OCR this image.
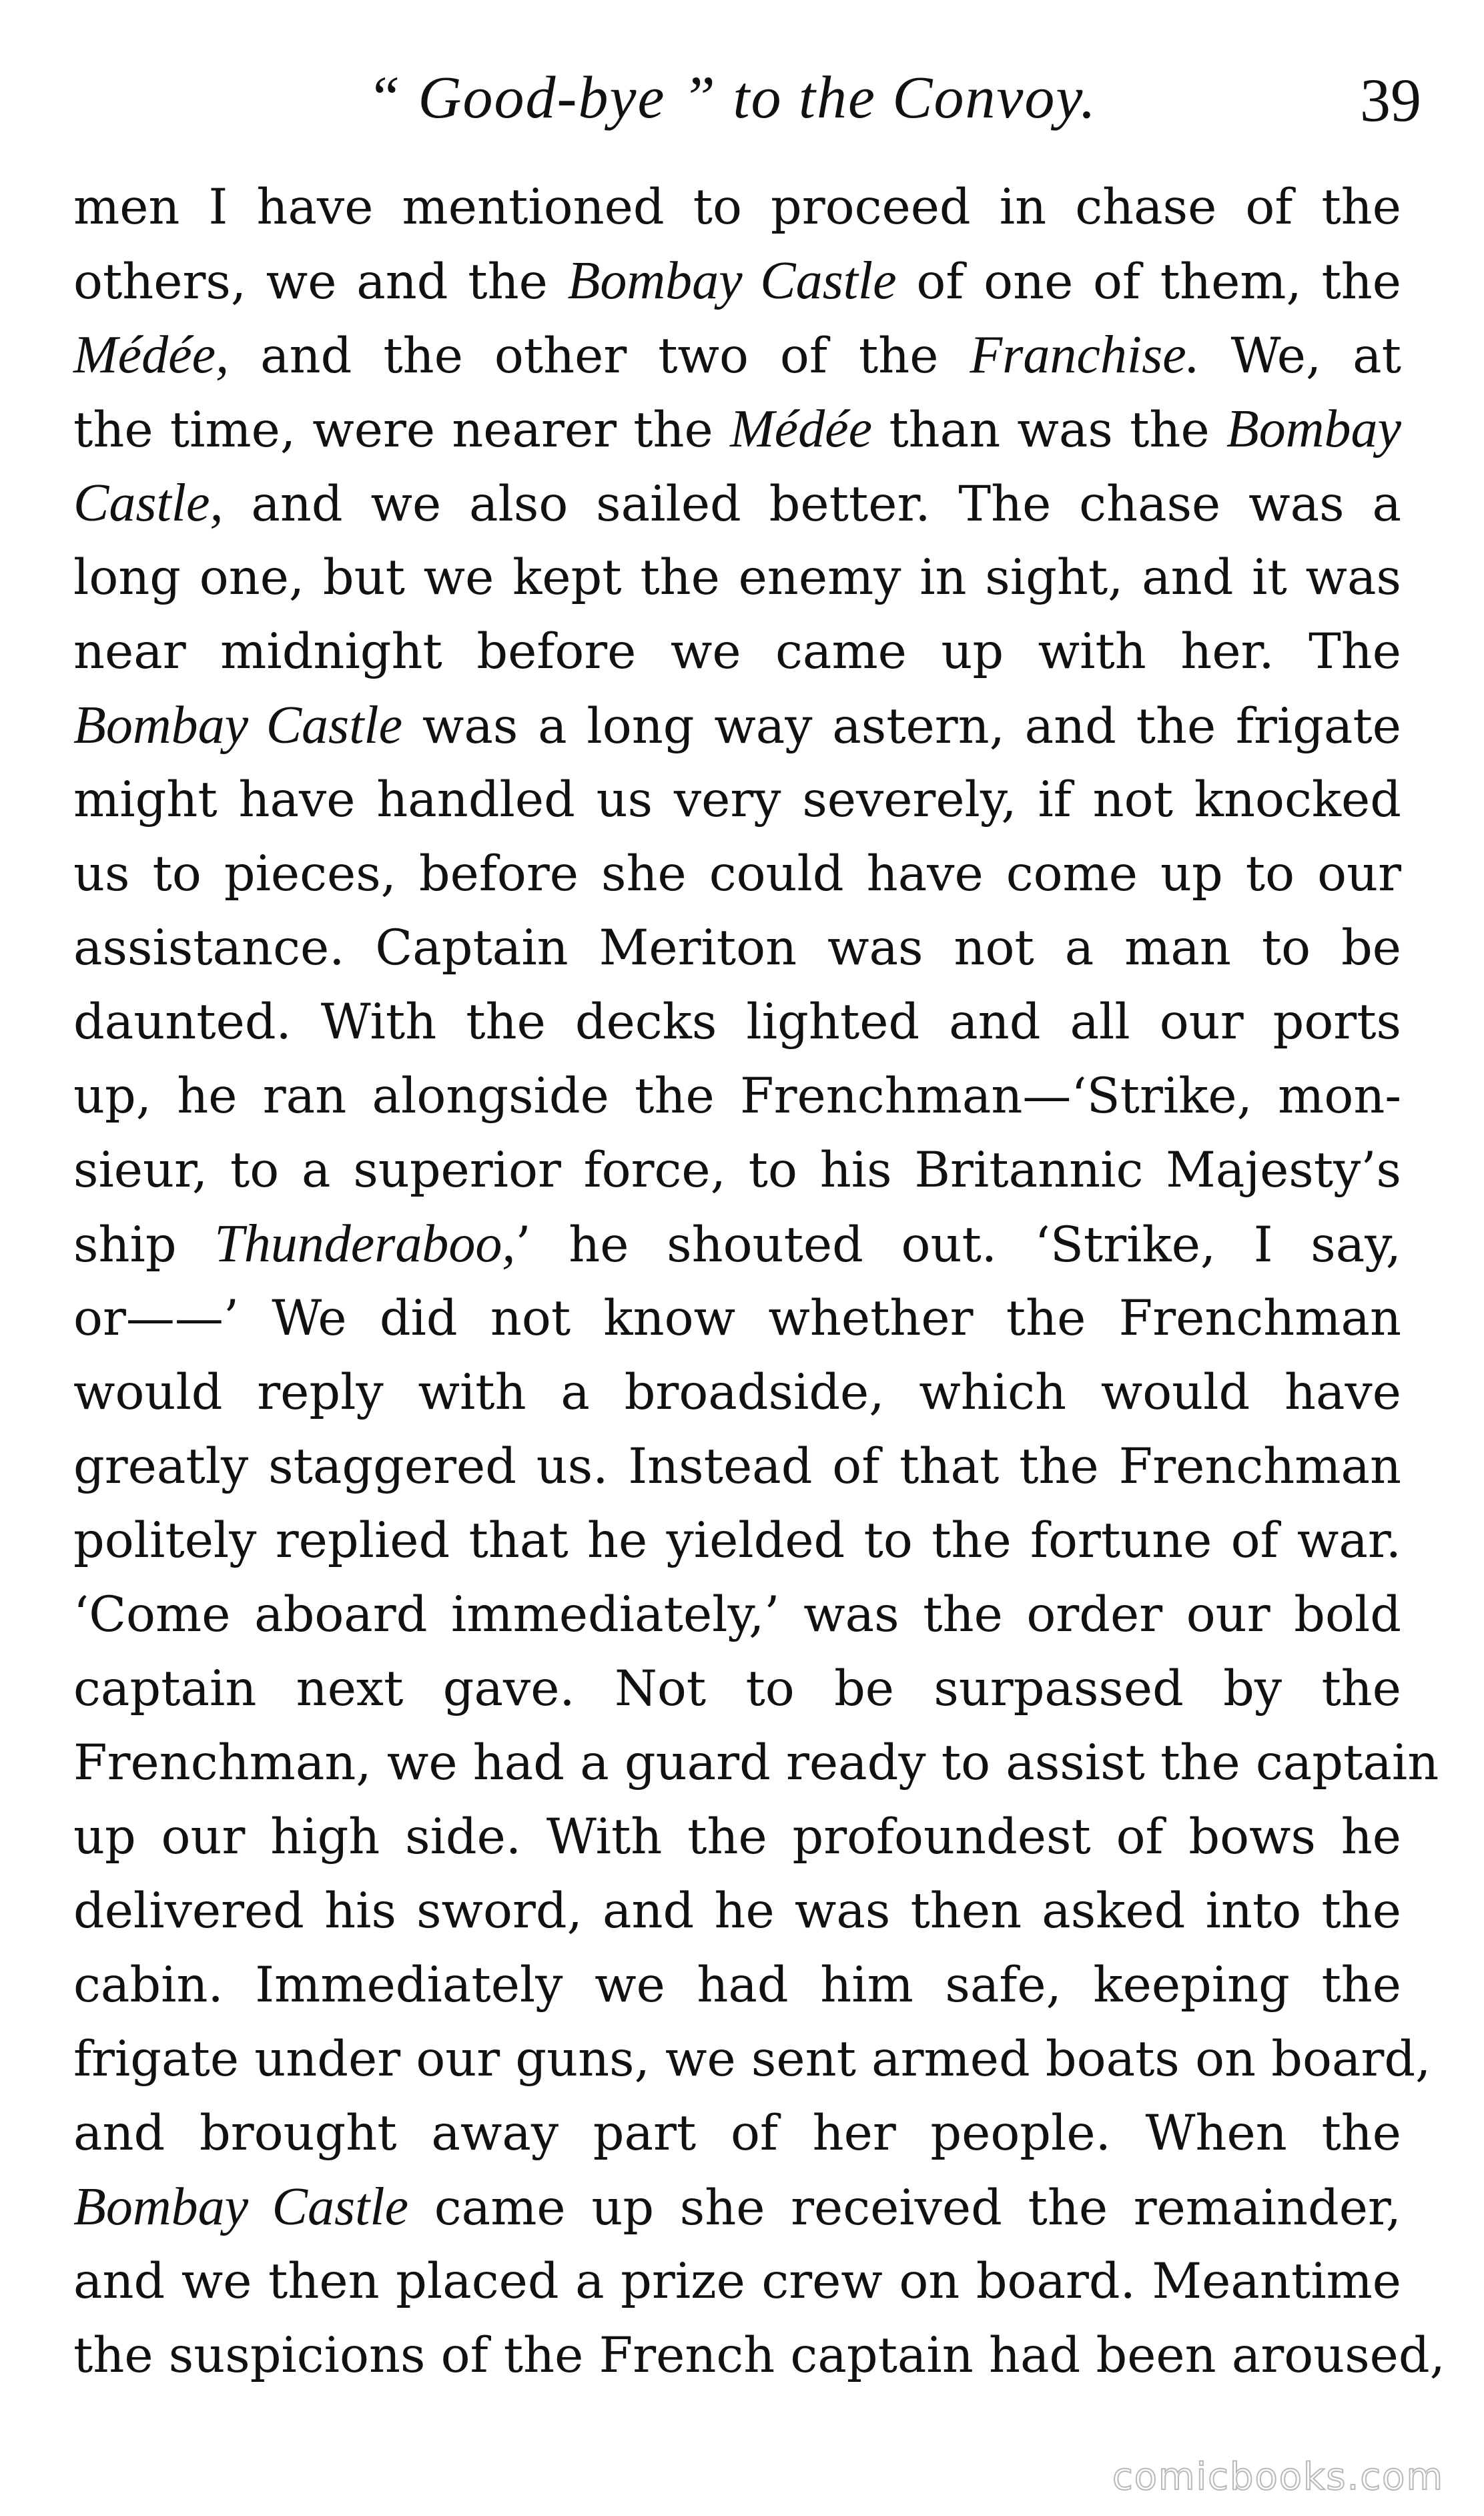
“ Good-bye ” to the Convoy.	39
men I have mentioned to proceed in chase of the
others, we and the Bombay Castle of one of them, the
Médée, and the other two of the Franchise. We, at
the time, were nearer the Médée than was the Bombay
Castle, and we also sailed better. The chase was a
long one, but we kept the enemy in sight, and it was
near midnight before we came up with her. The
Bombay Castle was a long way astern, and the frigate
might have handled us very severely, if not knocked
us to pieces, before she could have come up to our
assistance. Captain Meriton was not a man to be
daunted. With the decks lighted and all our ports
up, he ran alongside the Frenchman—‘Strike, mon-
sieur, to a superior force, to his Britannic Majesty’s
ship Thunderaboo,’ he shouted out. ‘Strike, I say,
or——’ We did not know whether the Frenchman
would reply with a broadside, which would have
greatly staggered us. Instead of that the Frenchman
politely replied that he yielded to the fortune of war.
‘Come aboard immediately,’ was the order our bold
captain next gave. Not to be surpassed by the
Frenchman, we had a guard ready to assist the captain
up our high side. With the profoundest of bows he
delivered his sword, and he was then asked into the
cabin. Immediately we had him safe, keeping the
frigate under our guns, we sent armed boats on board,
and brought away part of her people. When the
Bombay Castle came up she received the remainder,
and we then placed a prize crew on board. Meantime
the suspicions of the French captain had been aroused,
comicbooks.com
